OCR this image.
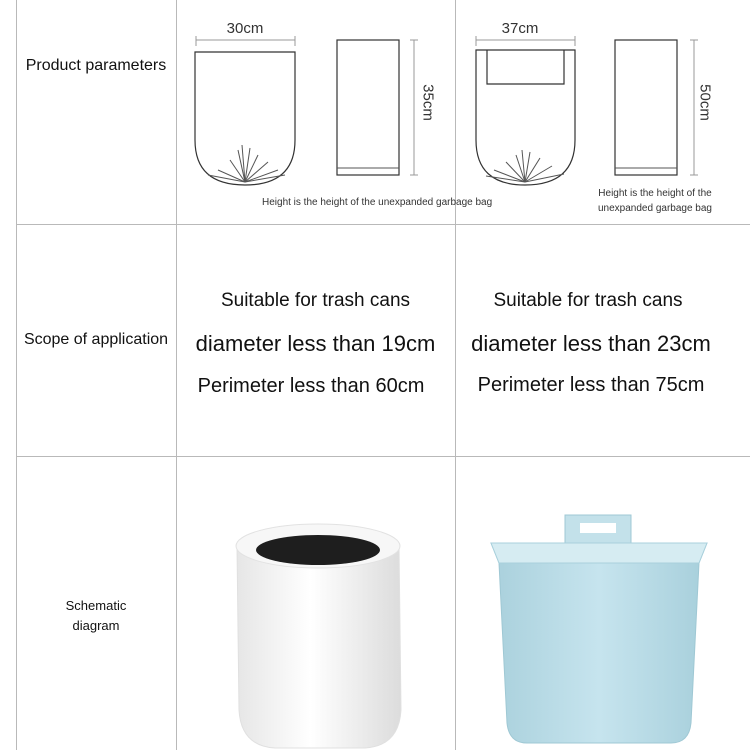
Product parameters
30cm
35cm
Height is the height of the unexpanded garbage bag
37cm
50cm
Height is the height of the
unexpanded garbage bag
Scope of application
Suitable for trash cans
diameter less than 19cm
Perimeter less than 60cm
Suitable for trash cans
diameter less than 23cm
Perimeter less than 75cm
Schematic
diagram
